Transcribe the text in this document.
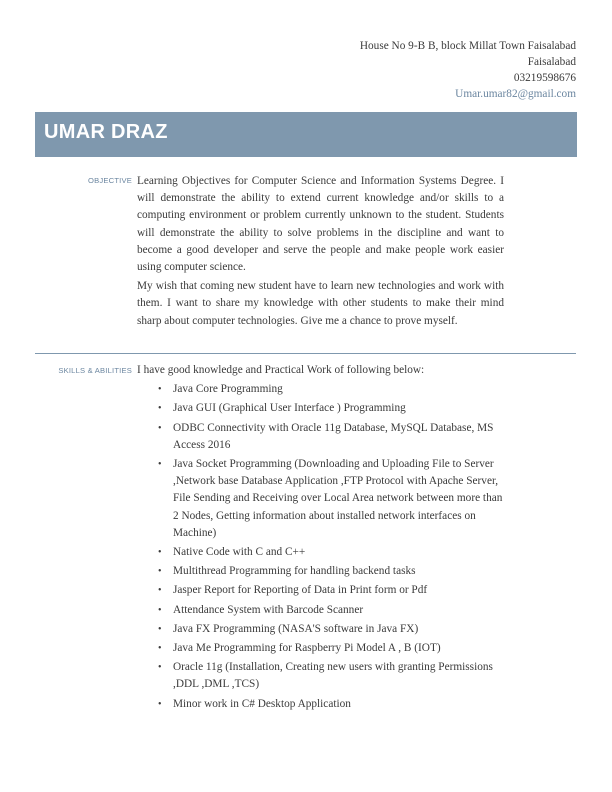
House No 9-B B, block Millat Town Faisalabad
Faisalabad
03219598676
Umar.umar82@gmail.com
UMAR DRAZ
OBJECTIVE Learning Objectives for Computer Science and Information Systems Degree. I will demonstrate the ability to extend current knowledge and/or skills to a computing environment or problem currently unknown to the student. Students will demonstrate the ability to solve problems in the discipline and want to become a good developer and serve the people and make people work easier using computer science.

My wish that coming new student have to learn new technologies and work with them. I want to share my knowledge with other students to make their mind sharp about computer technologies. Give me a chance to prove myself.

SKILLS & ABILITIES I have good knowledge and Practical Work of following below:

• Java Core Programming
• Java GUI (Graphical User Interface ) Programming
• ODBC Connectivity with Oracle 11g Database, MySQL Database, MS Access 2016
• Java Socket Programming (Downloading and Uploading File to Server ,Network base Database Application ,FTP Protocol with Apache Server, File Sending and Receiving over Local Area network between more than 2 Nodes, Getting information about installed network interfaces on Machine)
• Native Code with C and C++
• Multithread Programming for handling backend tasks
• Jasper Report for Reporting of Data in Print form or Pdf
• Attendance System with Barcode Scanner
• Java FX Programming (NASA'S software in Java FX)
• Java Me Programming for Raspberry Pi Model A , B (IOT)
• Oracle 11g (Installation, Creating new users with granting Permissions ,DDL ,DML ,TCS)
• Minor work in C# Desktop Application
